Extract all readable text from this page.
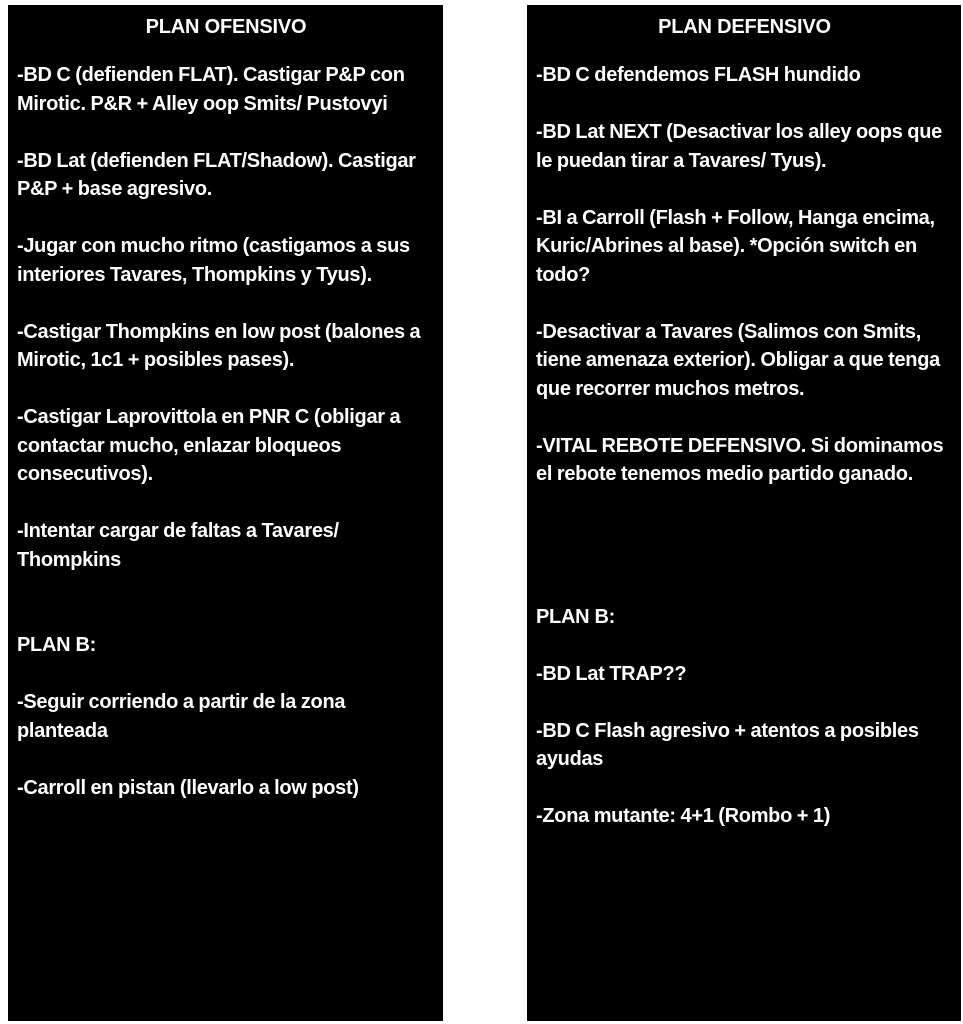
PLAN OFENSIVO
-BD C (defienden FLAT). Castigar P&P con Mirotic. P&R + Alley oop Smits/ Pustovyi
-BD Lat (defienden FLAT/Shadow). Castigar P&P + base agresivo.
-Jugar con mucho ritmo (castigamos a sus interiores Tavares, Thompkins y Tyus).
-Castigar Thompkins en low post (balones a Mirotic, 1c1 + posibles pases).
-Castigar Laprovittola en PNR C (obligar a contactar mucho, enlazar bloqueos consecutivos).
-Intentar cargar de faltas a Tavares/ Thompkins
PLAN B:
-Seguir corriendo a partir de la zona planteada
-Carroll en pistan (llevarlo a low post)
PLAN DEFENSIVO
-BD C defendemos FLASH hundido
-BD Lat NEXT (Desactivar los alley oops que le puedan tirar a Tavares/ Tyus).
-BI a Carroll (Flash + Follow, Hanga encima, Kuric/Abrines al base). *Opción switch en todo?
-Desactivar a Tavares (Salimos con Smits, tiene amenaza exterior). Obligar a que tenga que recorrer muchos metros.
-VITAL REBOTE DEFENSIVO. Si dominamos el rebote tenemos medio partido ganado.
PLAN B:
-BD Lat TRAP??
-BD C Flash agresivo + atentos a posibles ayudas
-Zona mutante: 4+1 (Rombo + 1)
